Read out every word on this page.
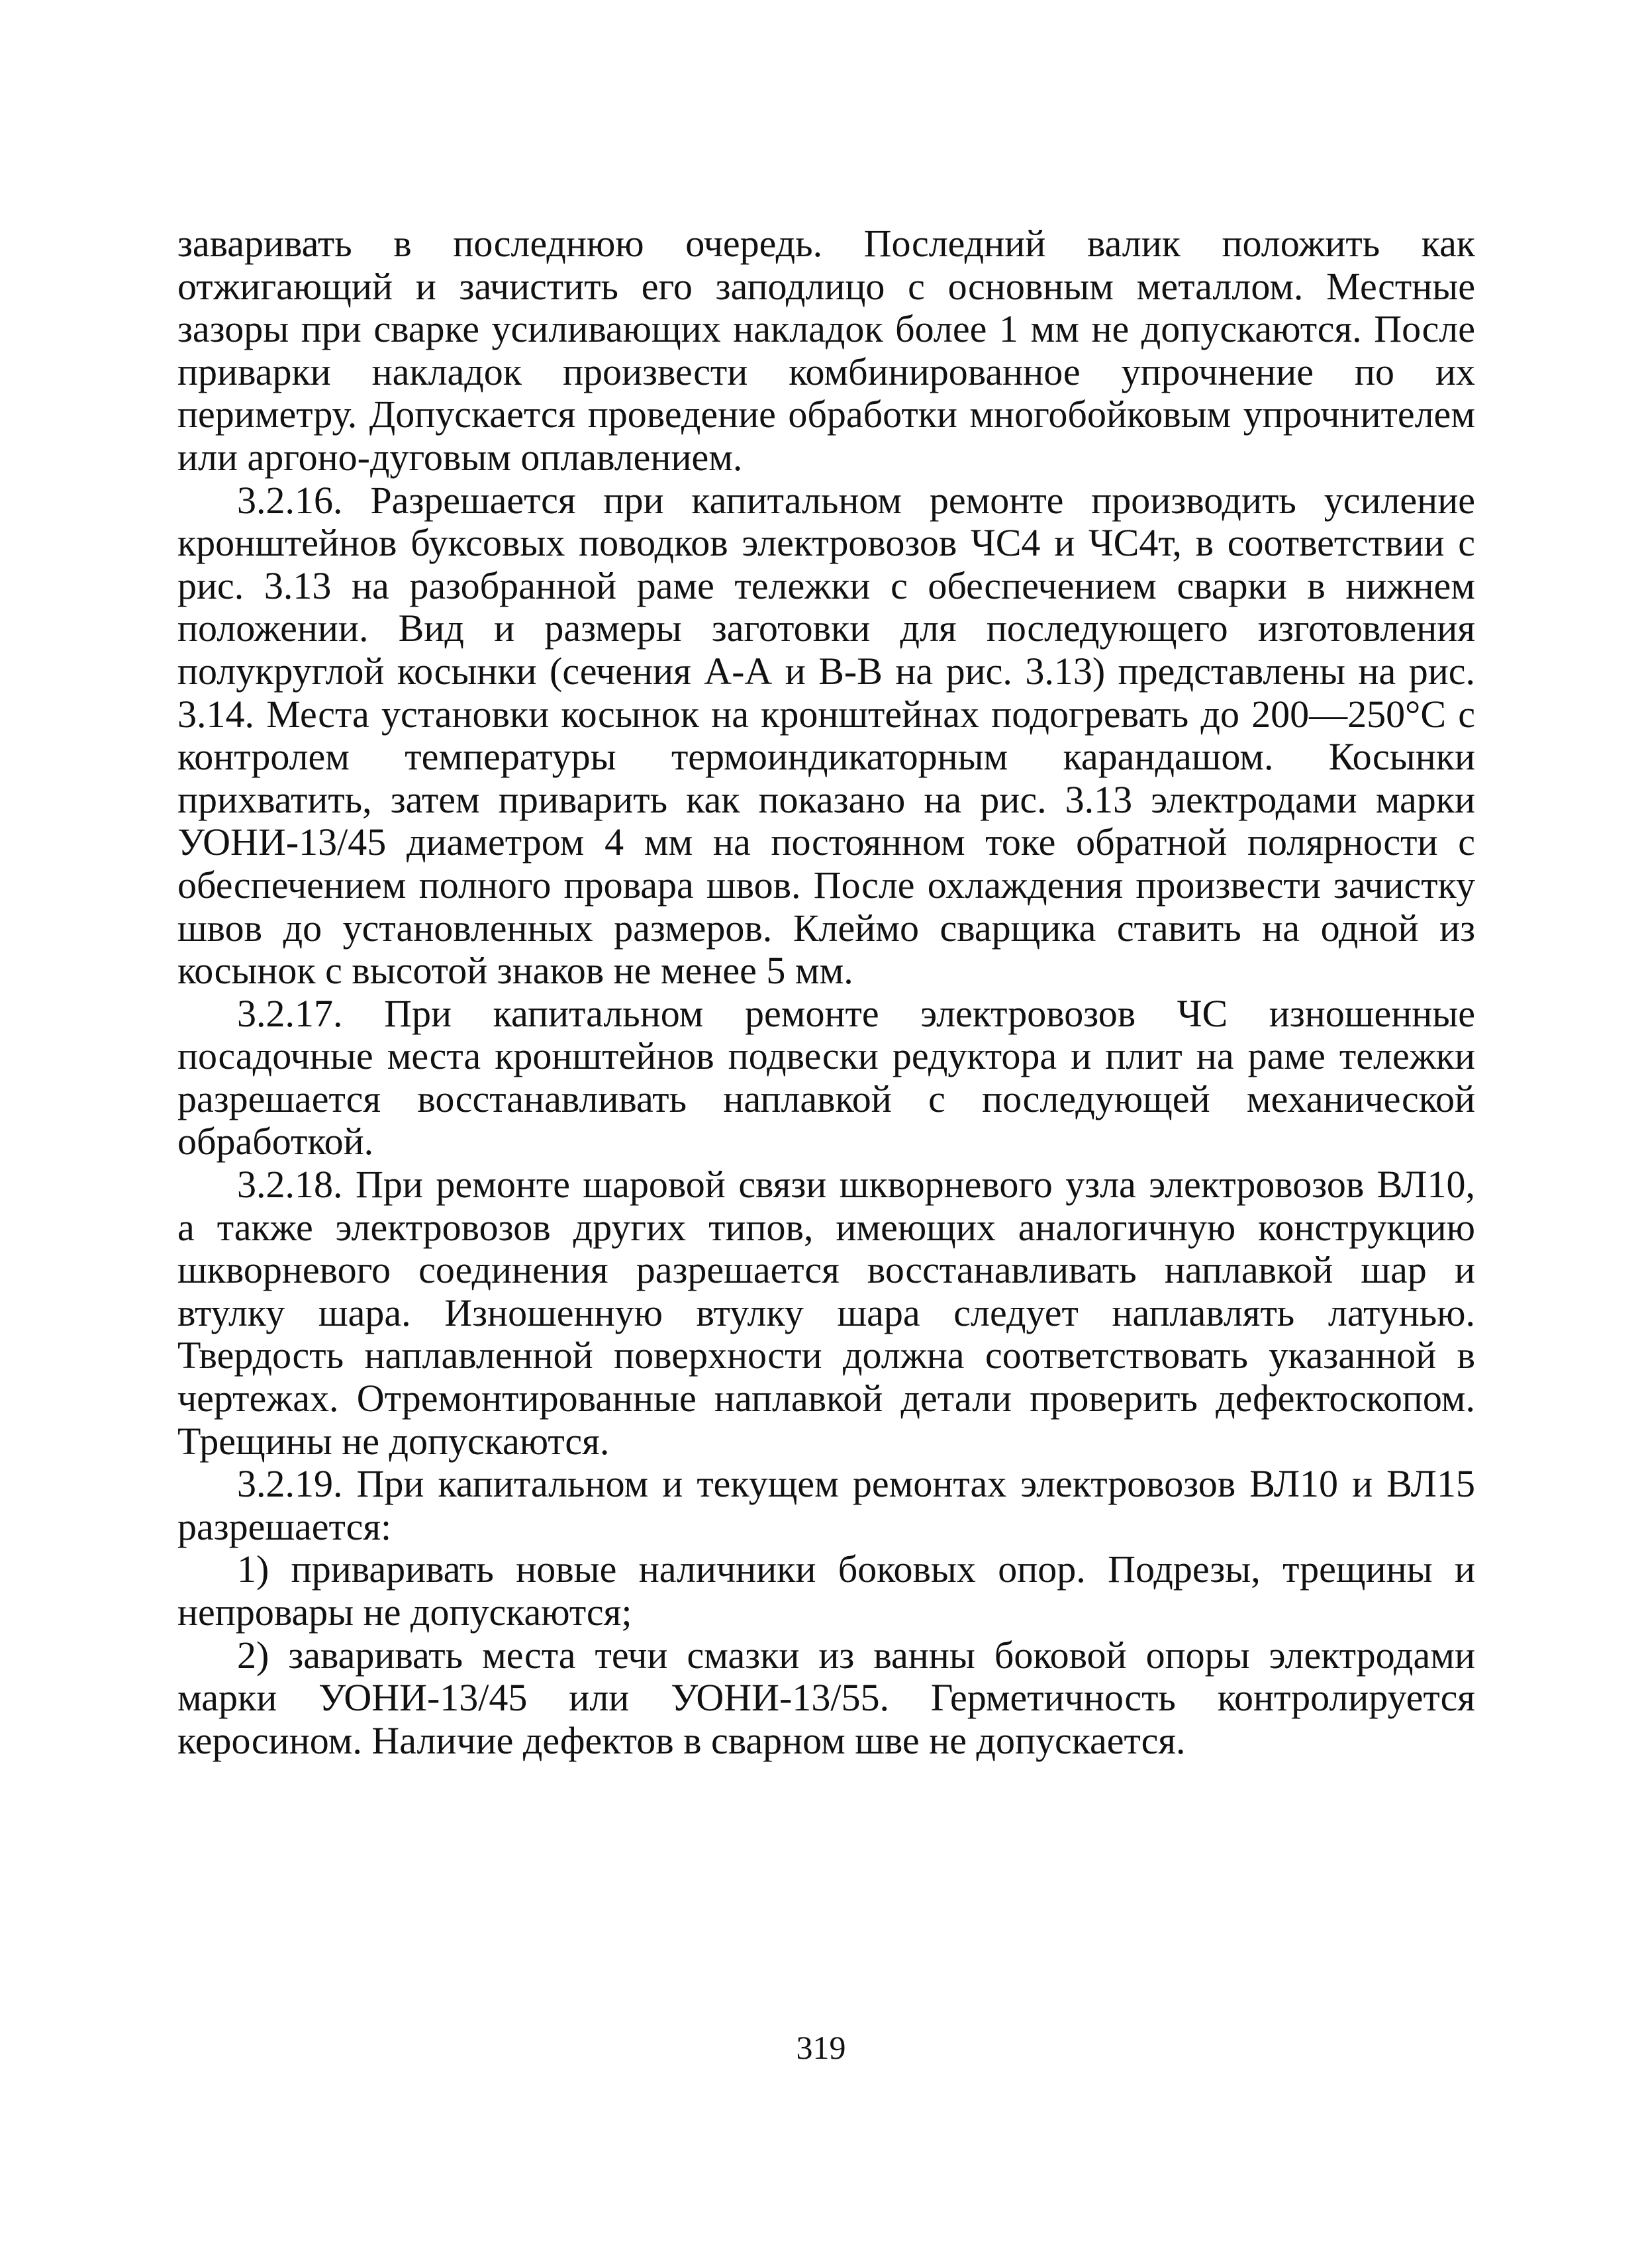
заваривать в последнюю очередь. Последний валик положить как отжигающий и зачистить его заподлицо с основным металлом. Местные зазоры при сварке усиливающих накладок более 1 мм не допускаются. После приварки накладок произвести комбинированное упрочнение по их периметру. Допускается проведение обработки многобойковым упрочнителем или аргоно-дуговым оплавлением.

3.2.16. Разрешается при капитальном ремонте производить усиление кронштейнов буксовых поводков электровозов ЧС4 и ЧС4т, в соответствии с рис. 3.13 на разобранной раме тележки с обеспечением сварки в нижнем положении. Вид и размеры заготовки для последующего изготовления полукруглой косынки (сечения А-А и В-В на рис. 3.13) представлены на рис. 3.14. Места установки косынок на кронштейнах подогревать до 200—250°С с контролем температуры термоиндикаторным карандашом. Косынки прихватить, затем приварить как показано на рис. 3.13 электродами марки УОНИ-13/45 диаметром 4 мм на постоянном токе обратной полярности с обеспечением полного провара швов. После охлаждения произвести зачистку швов до установленных размеров. Клеймо сварщика ставить на одной из косынок с высотой знаков не менее 5 мм.

3.2.17. При капитальном ремонте электровозов ЧС изношенные посадочные места кронштейнов подвески редуктора и плит на раме тележки разрешается восстанавливать наплавкой с последующей механической обработкой.

3.2.18. При ремонте шаровой связи шкворневого узла электровозов ВЛ10, а также электровозов других типов, имеющих аналогичную конструкцию шкворневого соединения разрешается восстанавливать наплавкой шар и втулку шара. Изношенную втулку шара следует наплавлять латунью. Твердость наплавленной поверхности должна соответствовать указанной в чертежах. Отремонтированные наплавкой детали проверить дефектоскопом. Трещины не допускаются.

3.2.19. При капитальном и текущем ремонтах электровозов ВЛ10 и ВЛ15 разрешается:

1) приваривать новые наличники боковых опор. Подрезы, трещины и непровары не допускаются;

2) заваривать места течи смазки из ванны боковой опоры электродами марки УОНИ-13/45 или УОНИ-13/55. Герметичность контролируется керосином. Наличие дефектов в сварном шве не допускается.

319
